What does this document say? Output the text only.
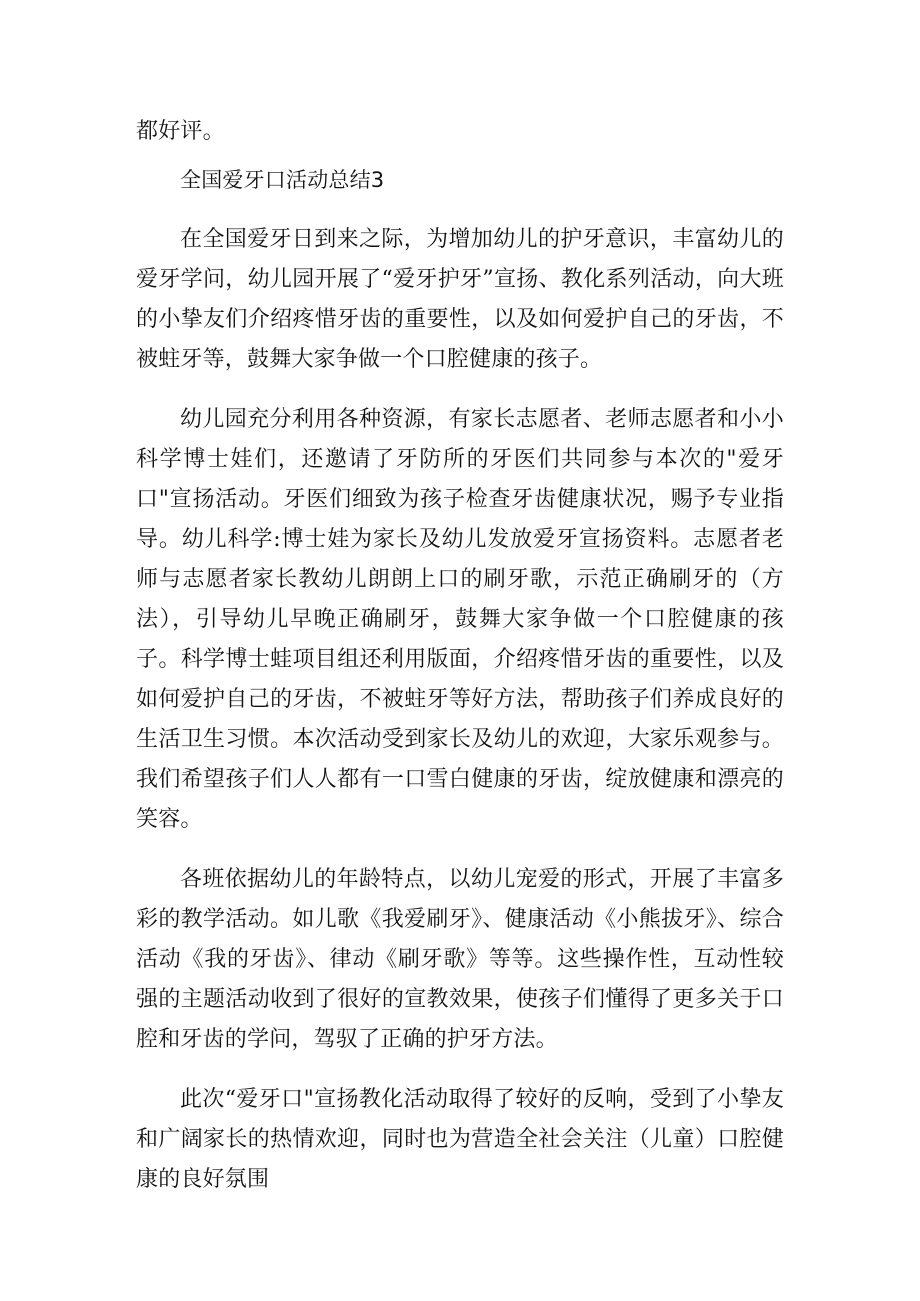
都好评。

全国爱牙口活动总结3

在全国爱牙日到来之际，为增加幼儿的护牙意识，丰富幼儿的爱牙学问，幼儿园开展了“爱牙护牙”宣扬、教化系列活动，向大班的小挚友们介绍疼惜牙齿的重要性，以及如何爱护自己的牙齿，不被蛀牙等，鼓舞大家争做一个口腔健康的孩子。

幼儿园充分利用各种资源，有家长志愿者、老师志愿者和小小科学博士娃们，还邀请了牙防所的牙医们共同参与本次的"爱牙口"宣扬活动。牙医们细致为孩子检查牙齿健康状况，赐予专业指导。幼儿科学:博士娃为家长及幼儿发放爱牙宣扬资料。志愿者老师与志愿者家长教幼儿朗朗上口的刷牙歌，示范正确刷牙的（方法），引导幼儿早晚正确刷牙，鼓舞大家争做一个口腔健康的孩子。科学博士蛙项目组还利用版面，介绍疼惜牙齿的重要性，以及如何爱护自己的牙齿，不被蛀牙等好方法，帮助孩子们养成良好的生活卫生习惯。本次活动受到家长及幼儿的欢迎，大家乐观参与。我们希望孩子们人人都有一口雪白健康的牙齿，绽放健康和漂亮的笑容。

各班依据幼儿的年龄特点，以幼儿宠爱的形式，开展了丰富多彩的教学活动。如儿歌《我爱刷牙》、健康活动《小熊拔牙》、综合活动《我的牙齿》、律动《刷牙歌》等等。这些操作性，互动性较强的主题活动收到了很好的宣教效果，使孩子们懂得了更多关于口腔和牙齿的学问，驾驭了正确的护牙方法。

此次“爱牙口"宣扬教化活动取得了较好的反响，受到了小挚友和广阔家长的热情欢迎，同时也为营造全社会关注（儿童）口腔健康的良好氛围
